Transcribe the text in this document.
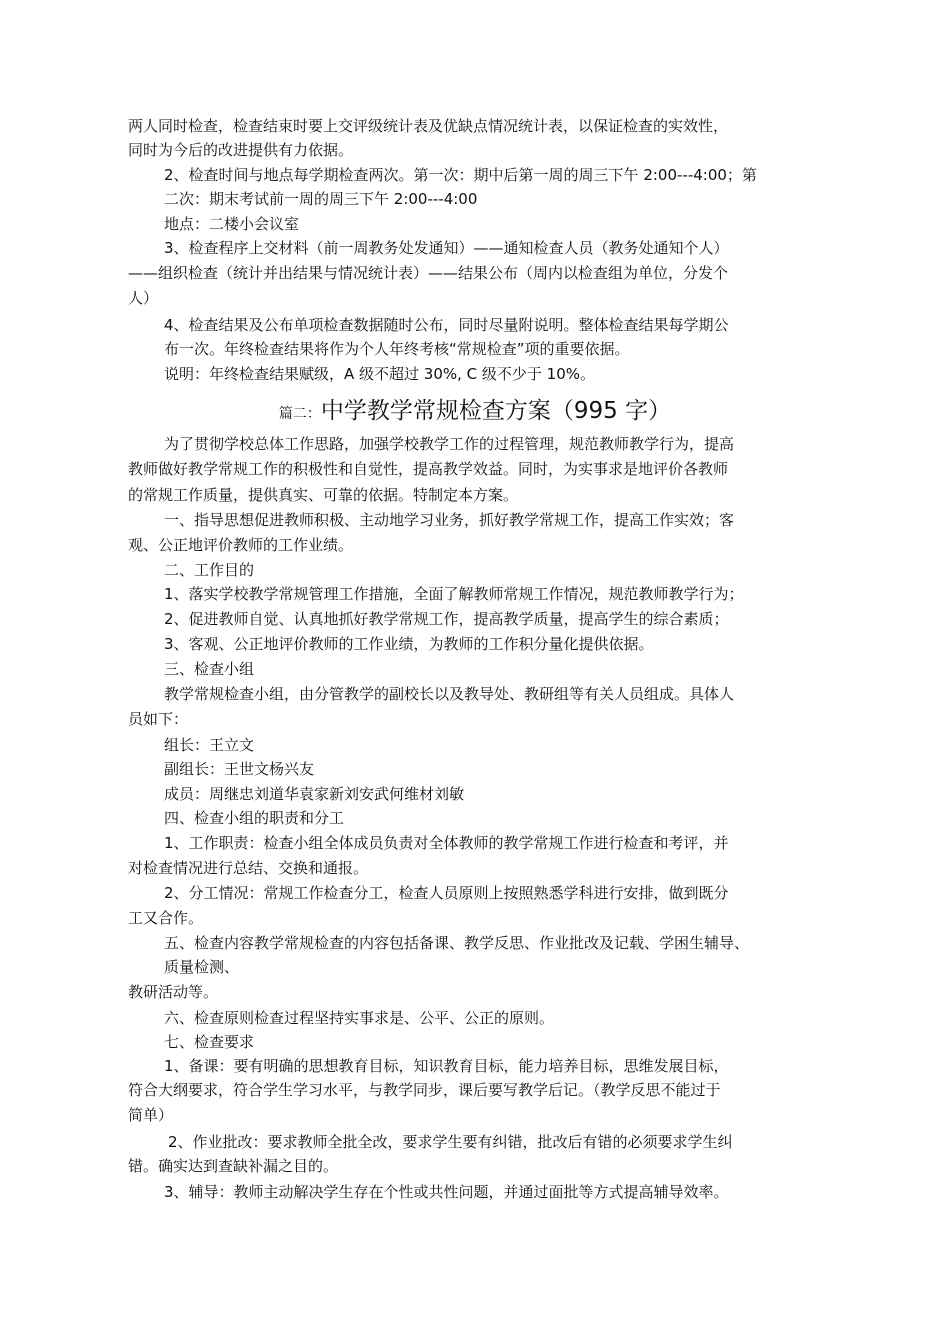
两人同时检查，检查结束时要上交评级统计表及优缺点情况统计表，以保证检查的实效性，
同时为今后的改进提供有力依据。
2、检查时间与地点每学期检查两次。第一次：期中后第一周的周三下午 2:00---4:00；第
二次：期末考试前一周的周三下午 2:00---4:00
地点：二楼小会议室
3、检查程序上交材料（前一周教务处发通知）——通知检查人员（教务处通知个人）
——组织检查（统计并出结果与情况统计表）——结果公布（周内以检查组为单位，分发个
人）
4、检查结果及公布单项检查数据随时公布，同时尽量附说明。整体检查结果每学期公
布一次。年终检查结果将作为个人年终考核“常规检查”项的重要依据。
说明：年终检查结果赋级，A 级不超过 30%, C 级不少于 10%。
篇二：中学教学常规检查方案（995 字）
为了贯彻学校总体工作思路，加强学校教学工作的过程管理，规范教师教学行为，提高
教师做好教学常规工作的积极性和自觉性，提高教学效益。同时，为实事求是地评价各教师
的常规工作质量，提供真实、可靠的依据。特制定本方案。
一、指导思想促进教师积极、主动地学习业务，抓好教学常规工作，提高工作实效；客
观、公正地评价教师的工作业绩。
二、工作目的
1、落实学校教学常规管理工作措施，全面了解教师常规工作情况，规范教师教学行为；
2、促进教师自觉、认真地抓好教学常规工作，提高教学质量，提高学生的综合素质；
3、客观、公正地评价教师的工作业绩，为教师的工作积分量化提供依据。
三、检查小组
教学常规检查小组，由分管教学的副校长以及教导处、教研组等有关人员组成。具体人
员如下：
组长：王立文
副组长：王世文杨兴友
成员：周继忠刘道华袁家新刘安武何维材刘敏
四、检查小组的职责和分工
1、工作职责：检查小组全体成员负责对全体教师的教学常规工作进行检查和考评，并
对检查情况进行总结、交换和通报。
2、分工情况：常规工作检查分工，检查人员原则上按照熟悉学科进行安排，做到既分
工又合作。
五、检查内容教学常规检查的内容包括备课、教学反思、作业批改及记载、学困生辅导、
质量检测、
教研活动等。
六、检查原则检查过程坚持实事求是、公平、公正的原则。
七、检查要求
1、备课：要有明确的思想教育目标，知识教育目标，能力培养目标，思维发展目标，
符合大纲要求，符合学生学习水平，与教学同步，课后要写教学后记。（教学反思不能过于
简单）
2、作业批改：要求教师全批全改，要求学生要有纠错，批改后有错的必须要求学生纠
错。确实达到查缺补漏之目的。
3、辅导：教师主动解决学生存在个性或共性问题，并通过面批等方式提高辅导效率。
